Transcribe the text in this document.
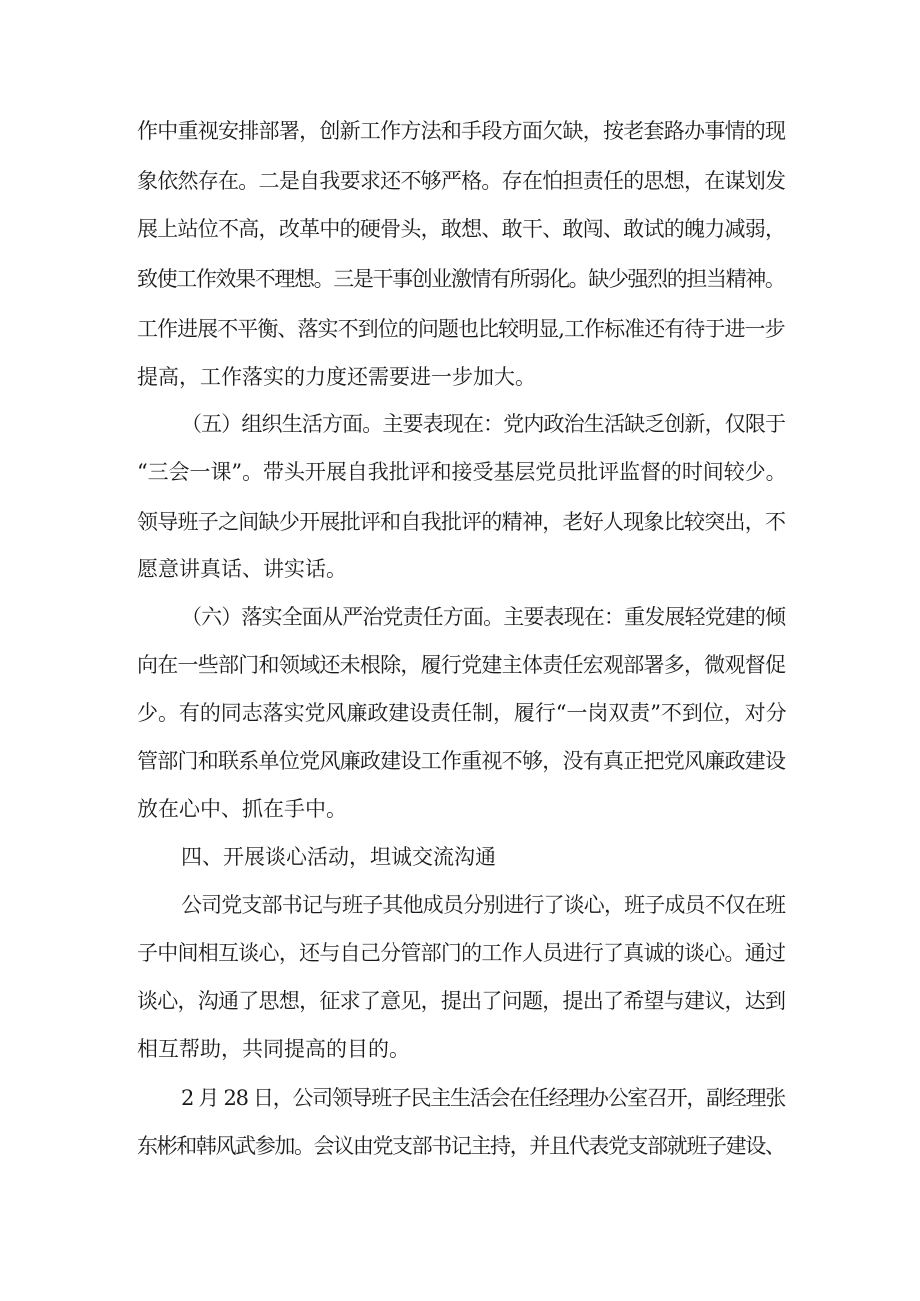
作中重视安排部署，创新工作方法和手段方面欠缺，按老套路办事情的现
象依然存在。二是自我要求还不够严格。存在怕担责任的思想，在谋划发
展上站位不高，改革中的硬骨头，敢想、敢干、敢闯、敢试的魄力减弱，
致使工作效果不理想。三是干事创业激情有所弱化。缺少强烈的担当精神。
工作进展不平衡、落实不到位的问题也比较明显,工作标准还有待于进一步
提高，工作落实的力度还需要进一步加大。
（五）组织生活方面。主要表现在：党内政治生活缺乏创新，仅限于
“三会一课”。带头开展自我批评和接受基层党员批评监督的时间较少。
领导班子之间缺少开展批评和自我批评的精神，老好人现象比较突出，不
愿意讲真话、讲实话。
（六）落实全面从严治党责任方面。主要表现在：重发展轻党建的倾
向在一些部门和领域还未根除，履行党建主体责任宏观部署多，微观督促
少。有的同志落实党风廉政建设责任制，履行“一岗双责”不到位，对分
管部门和联系单位党风廉政建设工作重视不够，没有真正把党风廉政建设
放在心中、抓在手中。
四、开展谈心活动，坦诚交流沟通
公司党支部书记与班子其他成员分别进行了谈心，班子成员不仅在班
子中间相互谈心，还与自己分管部门的工作人员进行了真诚的谈心。通过
谈心，沟通了思想，征求了意见，提出了问题，提出了希望与建议，达到
相互帮助，共同提高的目的。
2 月 28 日，公司领导班子民主生活会在任经理办公室召开，副经理张
东彬和韩风武参加。会议由党支部书记主持，并且代表党支部就班子建设、
